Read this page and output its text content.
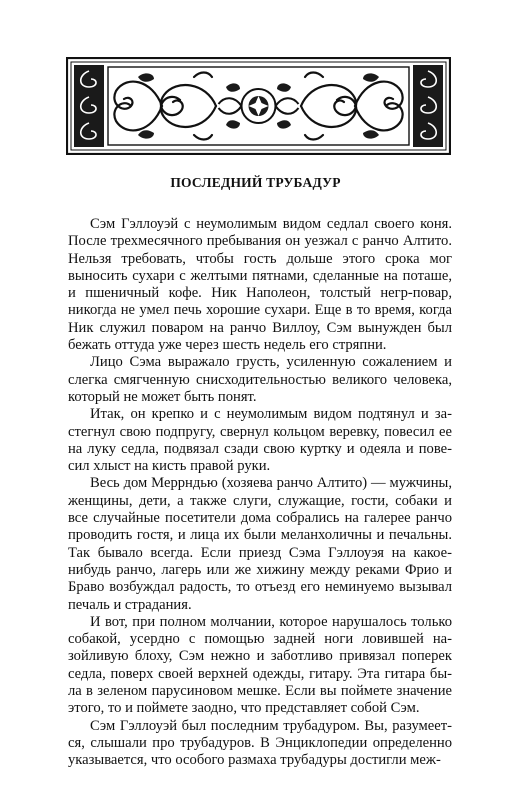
ПОСЛЕДНИЙ ТРУБАДУР

Сэм Гэллоуэй с неумолимым видом седлал своего коня. После трехмесячного пребывания он уезжал с ранчо Алтито. Нельзя требовать, чтобы гость дольше этого срока мог выносить сухари с желтыми пятнами, сделанные на поташе, и пшеничный кофе. Ник Наполеон, толстый негр-повар, никогда не умел печь хорошие сухари. Еще в то время, когда Ник служил поваром на ранчо Виллоу, Сэм вынужден был бежать оттуда уже через шесть недель его стряпни.

Лицо Сэма выражало грусть, усиленную сожалением и слегка смягченную снисходительностью великого человека, который не может быть понят.

Итак, он крепко и с неумолимым видом подтянул и застегнул свою подпругу, свернул кольцом веревку, повесил ее на луку седла, подвязал сзади свою куртку и одеяла и повесил хлыст на кисть правой руки.

Весь дом Меррндью (хозяева ранчо Алтито) — мужчины, женщины, дети, а также слуги, служащие, гости, собаки и все случайные посетители дома собрались на галерее ранчо проводить гостя, и лица их были меланхоличны и печальны. Так бывало всегда. Если приезд Сэма Гэллоуэя на какоенибудь ранчо, лагерь или же хижину между реками Фрио и Браво возбуждал радость, то отъезд его неминуемо вызывал печаль и страдания.

И вот, при полном молчании, которое нарушалось только собакой, усердно с помощью задней ноги ловившей назойливую блоху, Сэм нежно и заботливо привязал поперек седла, поверх своей верхней одежды, гитару. Эта гитара была в зеленом парусиновом мешке. Если вы поймете значение этого, то и поймете заодно, что представляет собой Сэм.

Сэм Гэллоуэй был последним трубадуром. Вы, разумеется, слышали про трубадуров. В Энциклопедии определенно указывается, что особого размаха трубадуры достигли меж-
